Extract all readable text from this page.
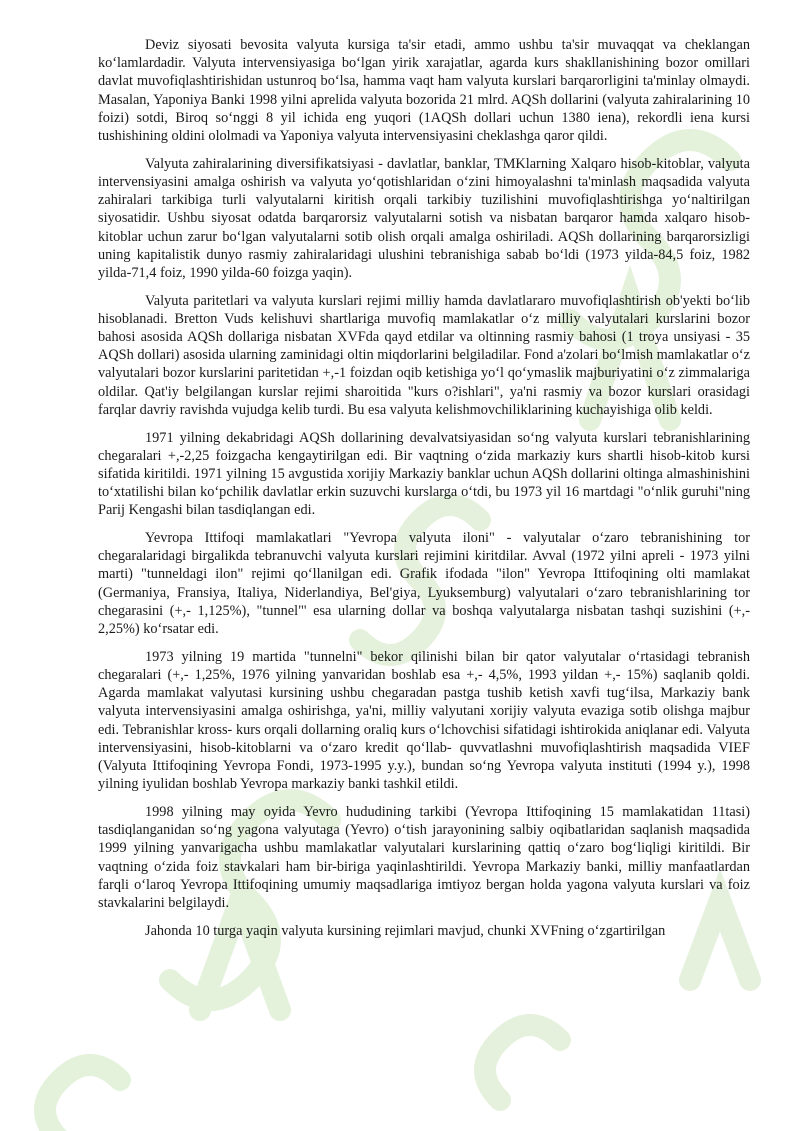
Deviz siyosati bevosita valyuta kursiga ta'sir etadi, ammo ushbu ta'sir muvaqqat va cheklangan koʻlamlardadir. Valyuta intervensiyasiga boʻlgan yirik xarajatlar, agarda kurs shakllanishining bozor omillari davlat muvofiqlashtirishidan ustunroq boʻlsa, hamma vaqt ham valyuta kurslari barqarorligini ta'minlay olmaydi. Masalan, Yaponiya Banki 1998 yilni aprelida valyuta bozorida 21 mlrd. AQSh dollarini (valyuta zahiralarining 10 foizi) sotdi, Biroq soʻnggi 8 yil ichida eng yuqori (1AQSh dollari uchun 1380 iena), rekordli iena kursi tushishining oldini ololmadi va Yaponiya valyuta intervensiyasini cheklashga qaror qildi.

Valyuta zahiralarining diversifikatsiyasi - davlatlar, banklar, TMKlarning Xalqaro hisob-kitoblar, valyuta intervensiyasini amalga oshirish va valyuta yoʻqotishlaridan oʻzini himoyalashni ta'minlash maqsadida valyuta zahiralari tarkibiga turli valyutalarni kiritish orqali tarkibiy tuzilishini muvofiqlashtirishga yoʻnaltirilgan siyosatidir. Ushbu siyosat odatda barqarorsiz valyutalarni sotish va nisbatan barqaror hamda xalqaro hisob-kitoblar uchun zarur boʻlgan valyutalarni sotib olish orqali amalga oshiriladi. AQSh dollarining barqarorsizligi uning kapitalistik dunyo rasmiy zahiralaridagi ulushini tebranishiga sabab boʻldi (1973 yilda-84,5 foiz, 1982 yilda-71,4 foiz, 1990 yilda-60 foizga yaqin).

Valyuta paritetlari va valyuta kurslari rejimi milliy hamda davlatlararo muvofiqlashtirish ob'yekti boʻlib hisoblanadi. Bretton Vuds kelishuvi shartlariga muvofiq mamlakatlar oʻz milliy valyutalari kurslarini bozor bahosi asosida AQSh dollariga nisbatan XVFda qayd etdilar va oltinning rasmiy bahosi (1 troya unsiyasi - 35 AQSh dollari) asosida ularning zaminidagi oltin miqdorlarini belgiladilar. Fond a'zolari boʻlmish mamlakatlar oʻz valyutalari bozor kurslarini paritetidan +,-1 foizdan oqib ketishiga yoʻl qoʻymaslik majburiyatini oʻz zimmalariga oldilar. Qat'iy belgilangan kurslar rejimi sharoitida "kurs o?ishlari", ya'ni rasmiy va bozor kurslari orasidagi farqlar davriy ravishda vujudga kelib turdi. Bu esa valyuta kelishmovchiliklarining kuchayishiga olib keldi.

1971 yilning dekabridagi AQSh dollarining devalvatsiyasidan soʻng valyuta kurslari tebranishlarining chegaralari +,-2,25 foizgacha kengaytirilgan edi. Bir vaqtning oʻzida markaziy kurs shartli hisob-kitob kursi sifatida kiritildi. 1971 yilning 15 avgustida xorijiy Markaziy banklar uchun AQSh dollarini oltinga almashinishini toʻxtatilishi bilan koʻpchilik davlatlar erkin suzuvchi kurslarga oʻtdi, bu 1973 yil 16 martdagi "oʻnlik guruhi"ning Parij Kengashi bilan tasdiqlangan edi.

Yevropa Ittifoqi mamlakatlari "Yevropa valyuta iloni" - valyutalar oʻzaro tebranishining tor chegaralaridagi birgalikda tebranuvchi valyuta kurslari rejimini kiritdilar. Avval (1972 yilni apreli - 1973 yilni marti) "tunneldagi ilon" rejimi qoʻllanilgan edi. Grafik ifodada "ilon" Yevropa Ittifoqining olti mamlakat (Germaniya, Fransiya, Italiya, Niderlandiya, Bel'giya, Lyuksemburg) valyutalari oʻzaro tebranishlarining tor chegarasini (+,- 1,125%), "tunnel"' esa ularning dollar va boshqa valyutalarga nisbatan tashqi suzishini (+,- 2,25%) koʻrsatar edi.

1973 yilning 19 martida "tunnelni" bekor qilinishi bilan bir qator valyutalar oʻrtasidagi tebranish chegaralari (+,- 1,25%, 1976 yilning yanvaridan boshlab esa +,- 4,5%, 1993 yildan +,- 15%) saqlanib qoldi. Agarda mamlakat valyutasi kursining ushbu chegaradan pastga tushib ketish xavfi tugʻilsa, Markaziy bank valyuta intervensiyasini amalga oshirishga, ya'ni, milliy valyutani xorijiy valyuta evaziga sotib olishga majbur edi. Tebranishlar kross- kurs orqali dollarning oraliq kurs oʻlchovchisi sifatidagi ishtirokida aniqlanar edi. Valyuta intervensiyasini, hisob-kitoblarni va oʻzaro kredit qoʻllab- quvvatlashni muvofiqlashtirish maqsadida VIEF (Valyuta Ittifoqining Yevropa Fondi, 1973-1995 y.y.), bundan soʻng Yevropa valyuta instituti (1994 y.), 1998 yilning iyulidan boshlab Yevropa markaziy banki tashkil etildi.

1998 yilning may oyida Yevro hududining tarkibi (Yevropa Ittifoqining 15 mamlakatidan 11tasi) tasdiqlanganidan soʻng yagona valyutaga (Yevro) oʻtish jarayonining salbiy oqibatlaridan saqlanish maqsadida 1999 yilning yanvarigacha ushbu mamlakatlar valyutalari kurslarining qattiq oʻzaro bogʻliqligi kiritildi. Bir vaqtning oʻzida foiz stavkalari ham bir-biriga yaqinlashtirildi. Yevropa Markaziy banki, milliy manfaatlardan farqli oʻlaroq Yevropa Ittifoqining umumiy maqsadlariga imtiyoz bergan holda yagona valyuta kurslari va foiz stavkalarini belgilaydi.

Jahonda 10 turga yaqin valyuta kursining rejimlari mavjud, chunki XVFning oʻzgartirilgan
